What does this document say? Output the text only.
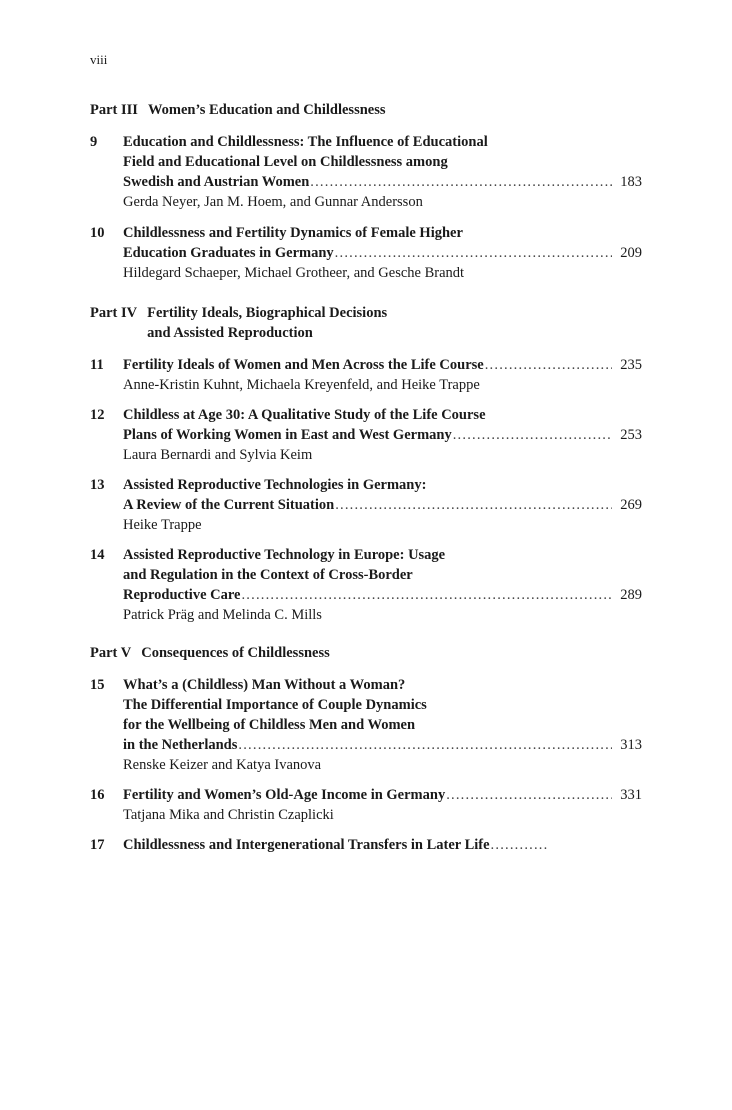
viii
Part III Women’s Education and Childlessness
9	Education and Childlessness: The Influence of Educational
Field and Educational Level on Childlessness among
Swedish and Austrian Women .....	183
Gerda Neyer, Jan M. Hoem, and Gunnar Andersson
10	Childlessness and Fertility Dynamics of Female Higher
Education Graduates in Germany .....	209
Hildegard Schaeper, Michael Grotheer, and Gesche Brandt
Part IV Fertility Ideals, Biographical Decisions
and Assisted Reproduction
11	Fertility Ideals of Women and Men Across the Life Course .....	235
Anne-Kristin Kuhnt, Michaela Kreyenfeld, and Heike Trappe
12	Childless at Age 30: A Qualitative Study of the Life Course
Plans of Working Women in East and West Germany .....	253
Laura Bernardi and Sylvia Keim
13	Assisted Reproductive Technologies in Germany:
A Review of the Current Situation .....	269
Heike Trappe
14	Assisted Reproductive Technology in Europe: Usage
and Regulation in the Context of Cross-Border
Reproductive Care .....	289
Patrick Präg and Melinda C. Mills
Part V Consequences of Childlessness
15	What’s a (Childless) Man Without a Woman?
The Differential Importance of Couple Dynamics
for the Wellbeing of Childless Men and Women
in the Netherlands .....	313
Renske Keizer and Katya Ivanova
16	Fertility and Women’s Old-Age Income in Germany .....	331
Tatjana Mika and Christin Czaplicki
17	Childlessness and Intergenerational Transfers in Later Life
.....
